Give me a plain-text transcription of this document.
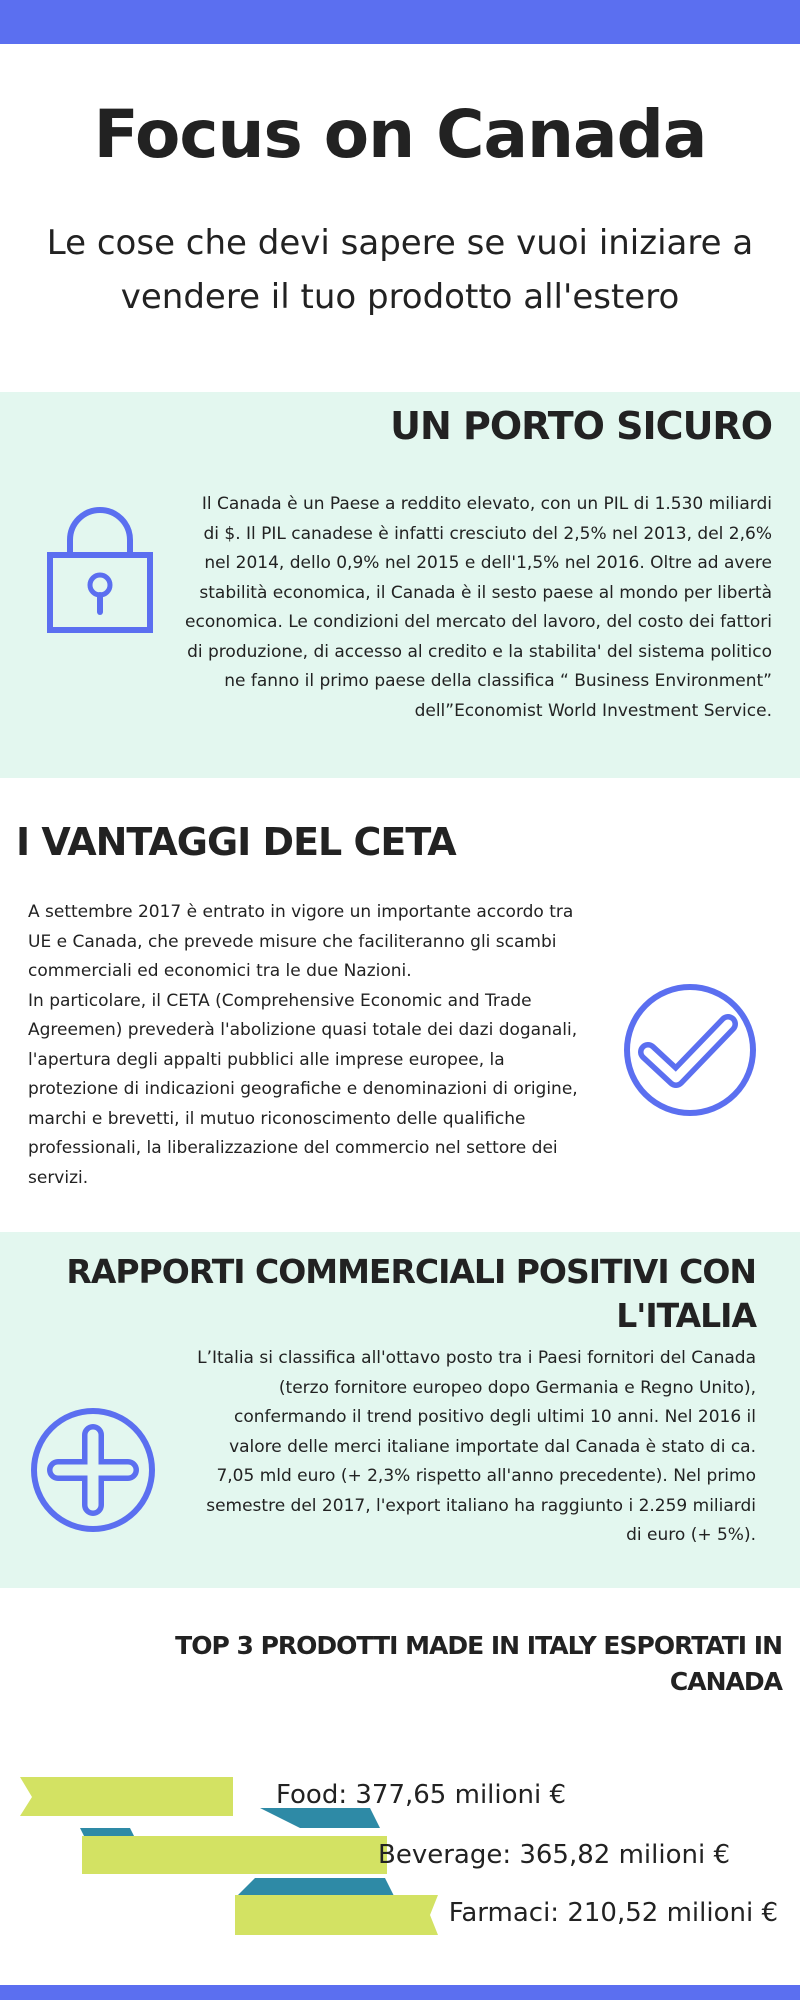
Focus on Canada
Le cose che devi sapere se vuoi iniziare a vendere il tuo prodotto all'estero
UN PORTO SICURO
Il Canada è un Paese a reddito elevato, con un PIL di 1.530 miliardi di $. Il PIL canadese è infatti cresciuto del 2,5% nel 2013, del 2,6% nel 2014, dello 0,9% nel 2015 e dell'1,5% nel 2016. Oltre ad avere stabilità economica, il Canada è il sesto paese al mondo per libertà economica. Le condizioni del mercato del lavoro, del costo dei fattori di produzione, di accesso al credito e la stabilita' del sistema politico ne fanno il primo paese della classifica “ Business Environment” dell”Economist World Investment Service.
I VANTAGGI DEL CETA
A settembre 2017 è entrato in vigore un importante accordo tra UE e Canada, che prevede misure che faciliteranno gli scambi commerciali ed economici tra le due Nazioni.
In particolare, il CETA (Comprehensive Economic and Trade Agreemen) prevederà l'abolizione quasi totale dei dazi doganali, l'apertura degli appalti pubblici alle imprese europee, la protezione di indicazioni geografiche e denominazioni di origine, marchi e brevetti, il mutuo riconoscimento delle qualifiche professionali, la liberalizzazione del commercio nel settore dei servizi.
RAPPORTI COMMERCIALI POSITIVI CON L'ITALIA
L’Italia si classifica all'ottavo posto tra i Paesi fornitori del Canada (terzo fornitore europeo dopo Germania e Regno Unito), confermando il trend positivo degli ultimi 10 anni. Nel 2016 il valore delle merci italiane importate dal Canada è stato di ca. 7,05 mld euro (+ 2,3% rispetto all'anno precedente). Nel primo semestre del 2017, l'export italiano ha raggiunto i 2.259 miliardi di euro (+ 5%).
TOP 3 PRODOTTI MADE IN ITALY ESPORTATI IN CANADA
Food: 377,65 milioni €
Beverage: 365,82 milioni €
Farmaci: 210,52 milioni €
